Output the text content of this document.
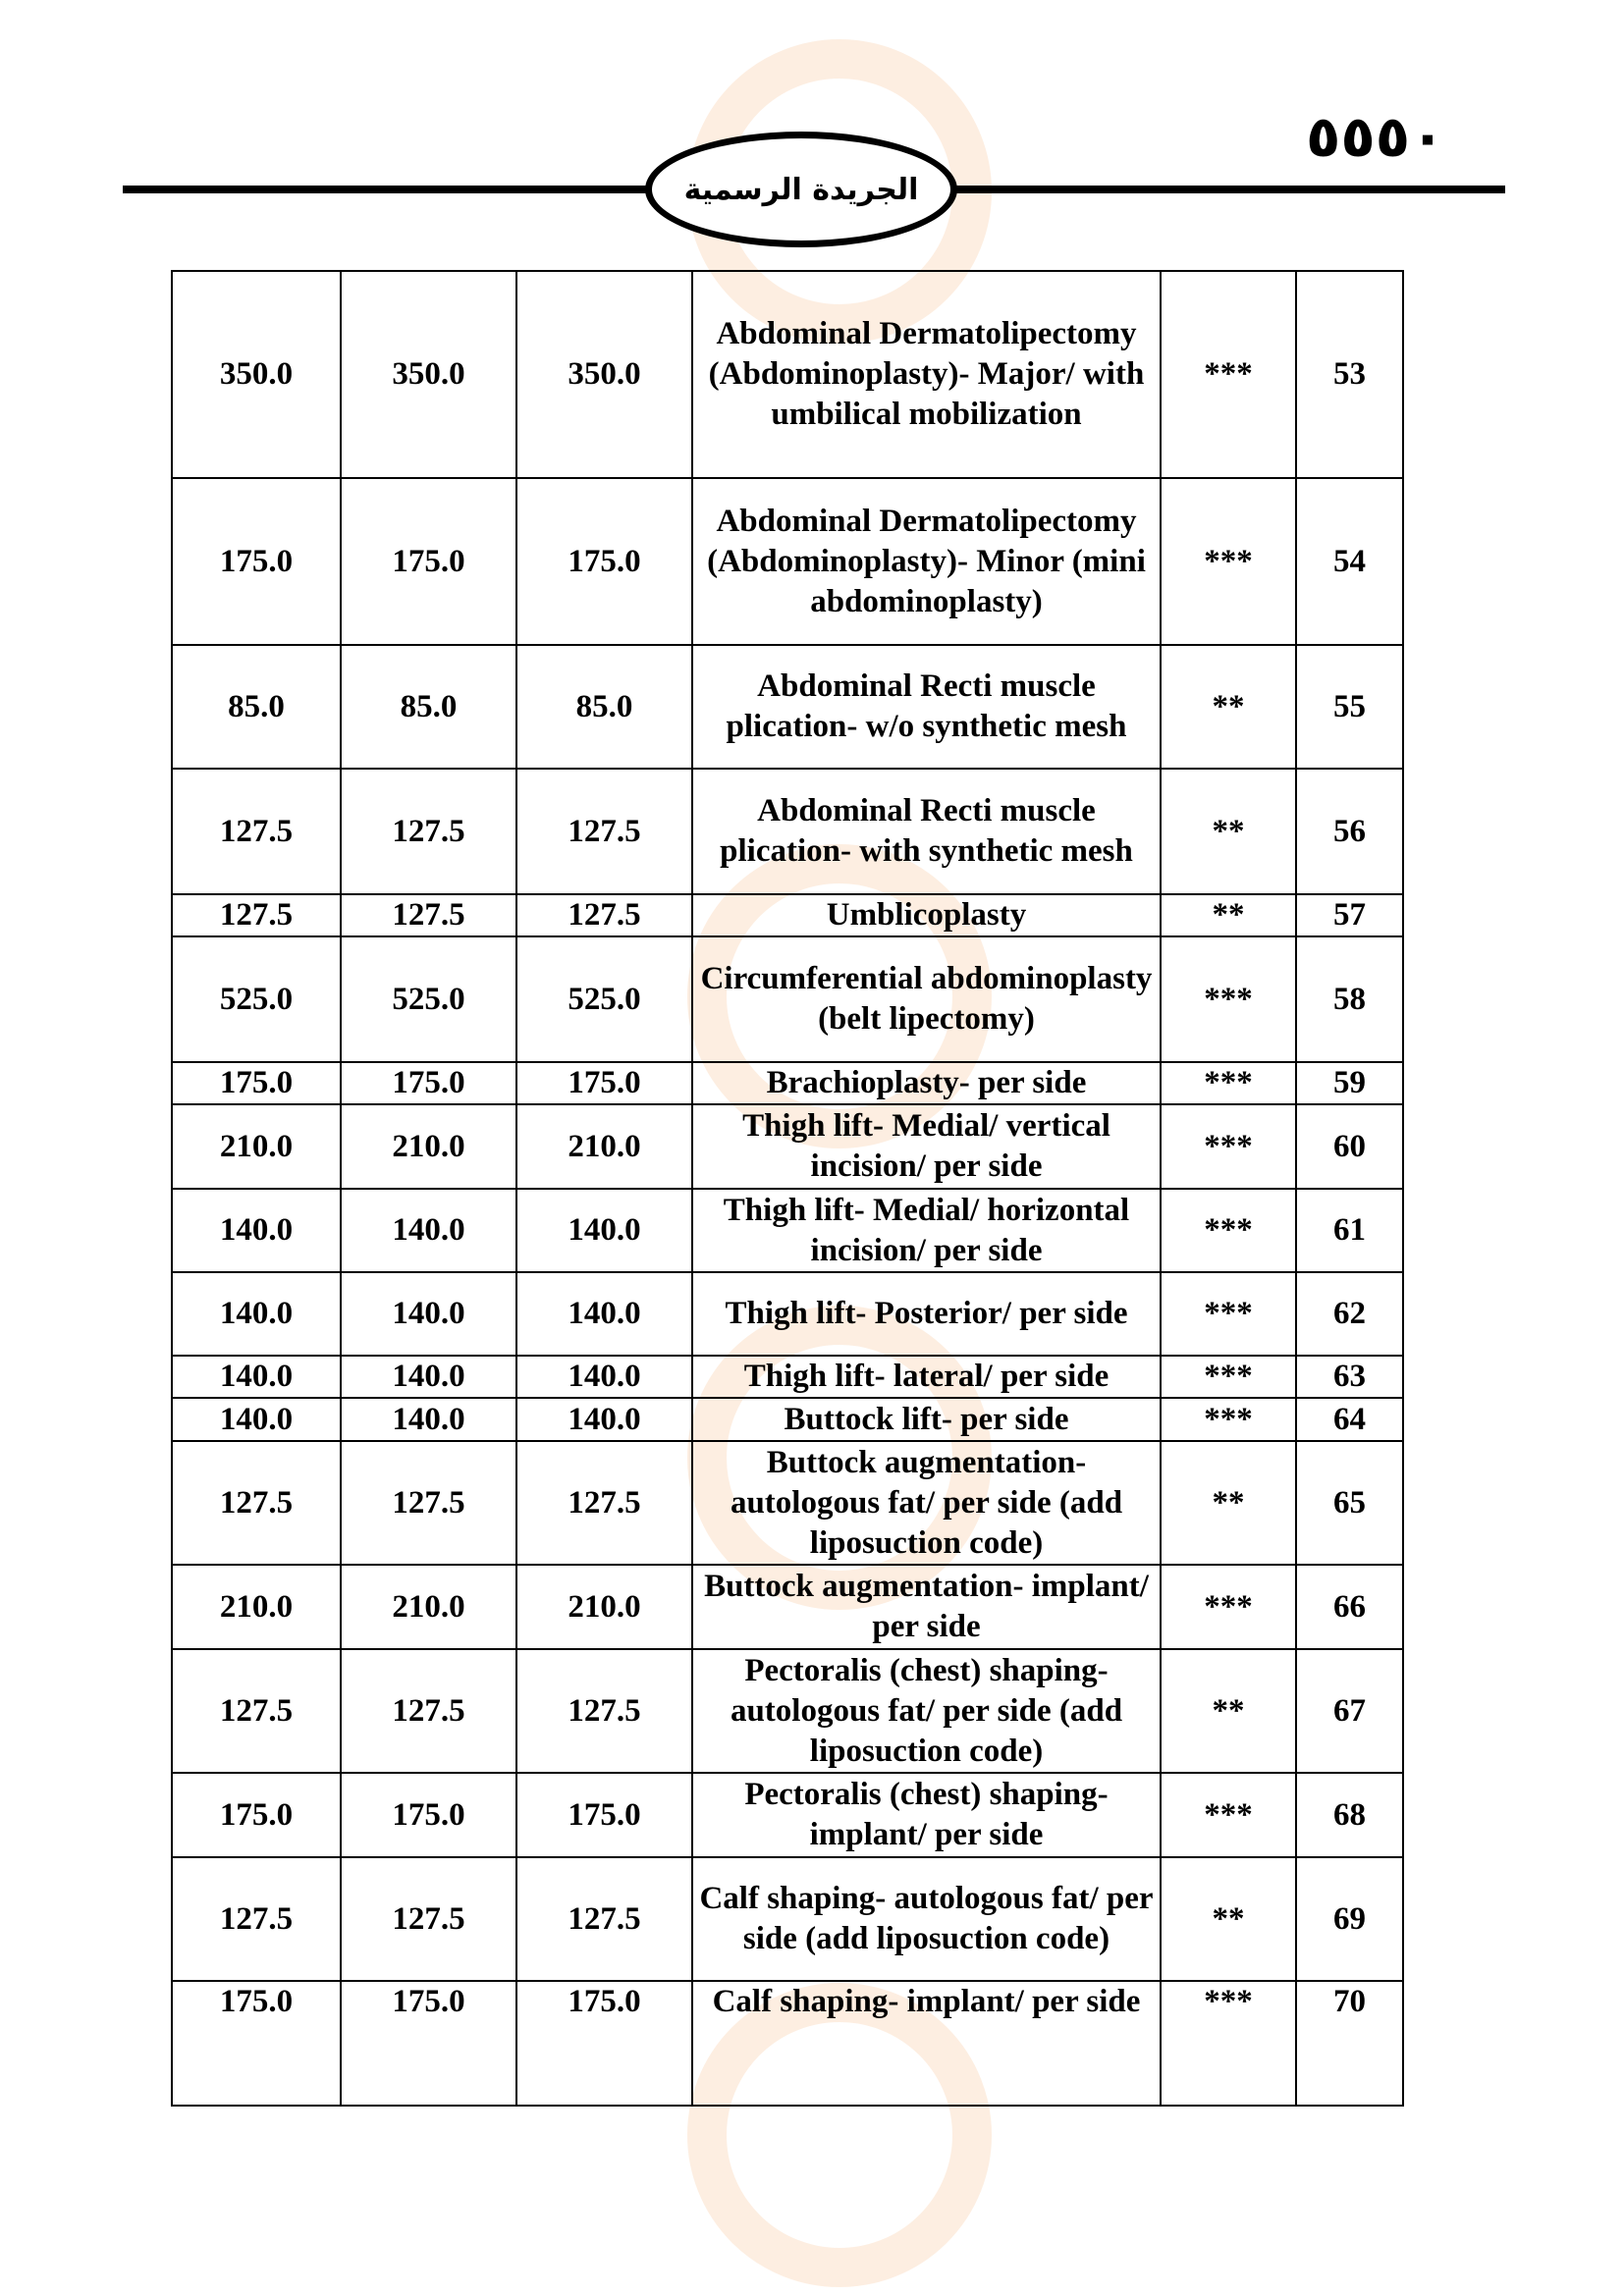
٥٥٥٠
الجريدة الرسمية
350.0	350.0	350.0	Abdominal Dermatolipectomy (Abdominoplasty)- Major/ with umbilical mobilization	***	53
175.0	175.0	175.0	Abdominal Dermatolipectomy (Abdominoplasty)- Minor (mini abdominoplasty)	***	54
85.0	85.0	85.0	Abdominal Recti muscle plication- w/o synthetic mesh	**	55
127.5	127.5	127.5	Abdominal Recti muscle plication- with synthetic mesh	**	56
127.5	127.5	127.5	Umblicoplasty	**	57
525.0	525.0	525.0	Circumferential abdominoplasty (belt lipectomy)	***	58
175.0	175.0	175.0	Brachioplasty- per side	***	59
210.0	210.0	210.0	Thigh lift- Medial/ vertical incision/ per side	***	60
140.0	140.0	140.0	Thigh lift- Medial/ horizontal incision/ per side	***	61
140.0	140.0	140.0	Thigh lift- Posterior/ per side	***	62
140.0	140.0	140.0	Thigh lift- lateral/ per side	***	63
140.0	140.0	140.0	Buttock lift- per side	***	64
127.5	127.5	127.5	Buttock augmentation- autologous fat/ per side (add liposuction code)	**	65
210.0	210.0	210.0	Buttock augmentation- implant/ per side	***	66
127.5	127.5	127.5	Pectoralis (chest) shaping- autologous fat/ per side (add liposuction code)	**	67
175.0	175.0	175.0	Pectoralis (chest) shaping- implant/ per side	***	68
127.5	127.5	127.5	Calf shaping- autologous fat/ per side (add liposuction code)	**	69
175.0	175.0	175.0	Calf shaping- implant/ per side	***	70
